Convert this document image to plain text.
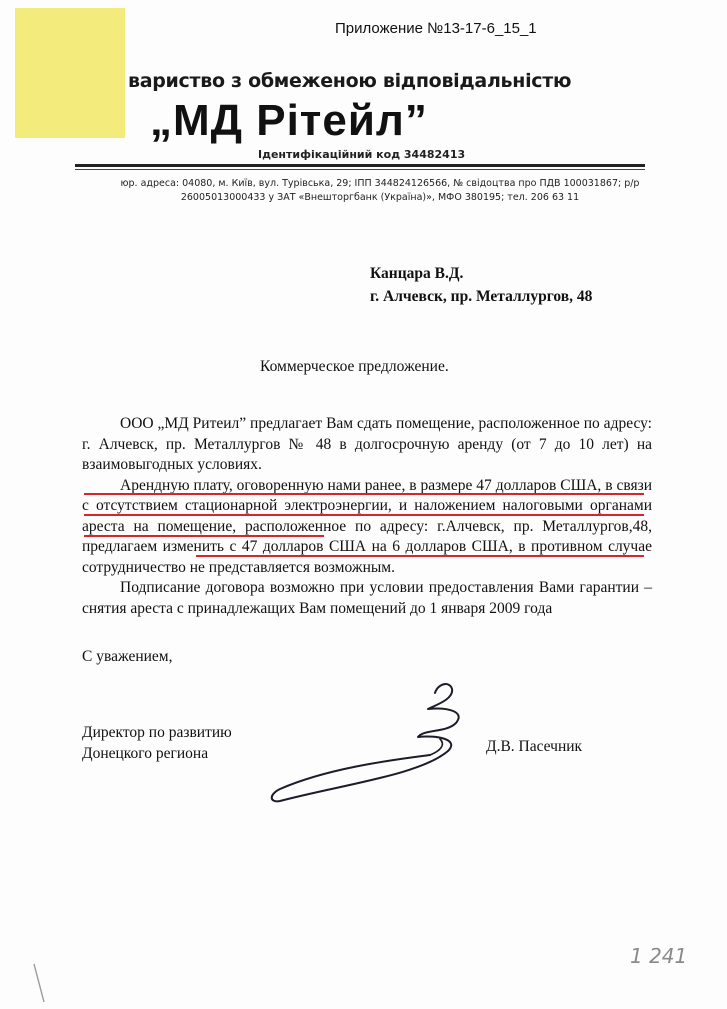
Приложение №13-17-6_15_1
вариство з обмеженою відповідальністю
„МД Рітейл”
Ідентифікаційний код 34482413
юр. адреса: 04080, м. Київ, вул. Турівська, 29; ІПП 344824126566, № свідоцтва про ПДВ 100031867; р/р
26005013000433 у ЗАТ «Внешторгбанк (Україна)», МФО 380195; тел. 206 63 11
Канцара В.Д.
г. Алчевск, пр. Металлургов, 48
Коммерческое предложение.

ООО „МД Ритеил” предлагает Вам сдать помещение, расположенное по адресу: г. Алчевск, пр. Металлургов № 48 в долгосрочную аренду (от 7 до 10 лет) на взаимовыгодных условиях.

Арендную плату, оговоренную нами ранее, в размере 47 долларов США, в связи с отсутствием стационарной электроэнергии, и наложением налоговыми органами ареста на помещение, расположенное по адресу: г.Алчевск, пр. Металлургов,48, предлагаем изменить с 47 долларов США на 6 долларов США, в противном случае сотрудничество не представляется возможным.

Подписание договора возможно при условии предоставления Вами гарантии – снятия ареста с принадлежащих Вам помещений до 1 января 2009 года

С уважением,
Директор по развитию
Донецкого региона	Д.В. Пасечник
1 241
